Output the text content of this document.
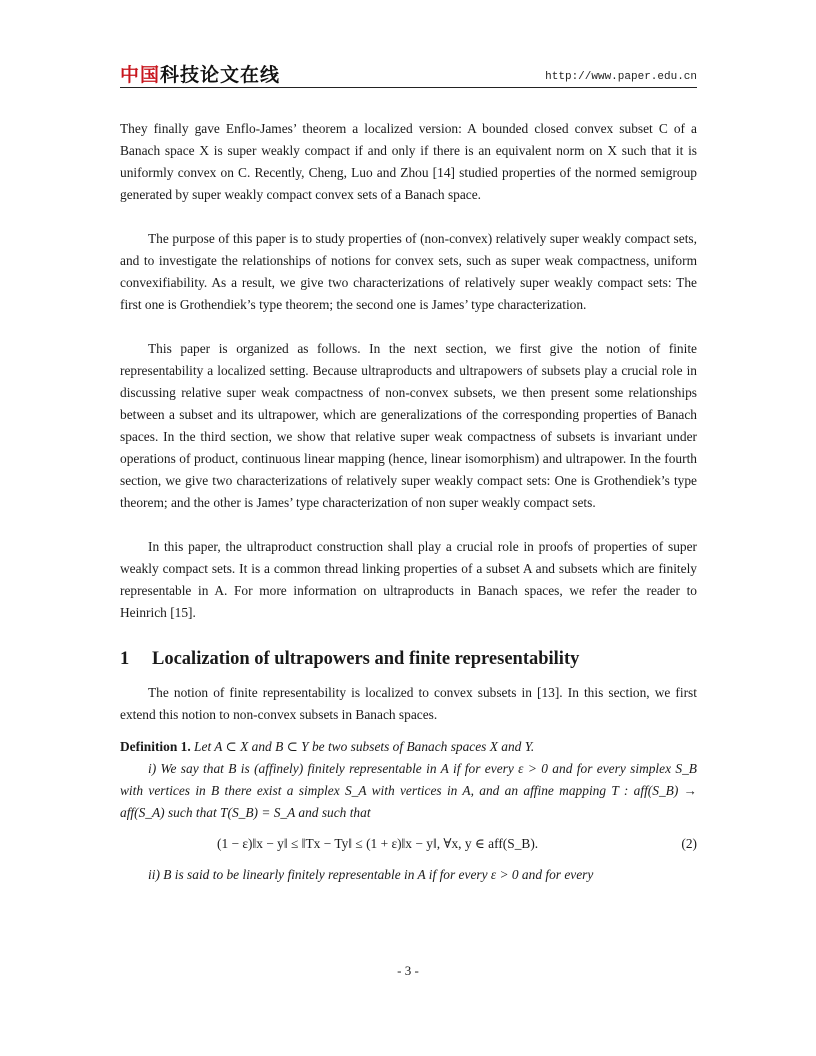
中国科技论文在线	http://www.paper.edu.cn

They finally gave Enflo-James’ theorem a localized version: A bounded closed convex subset C of a Banach space X is super weakly compact if and only if there is an equivalent norm on X such that it is uniformly convex on C. Recently, Cheng, Luo and Zhou [14] studied properties of the normed semigroup generated by super weakly compact convex sets of a Banach space.

The purpose of this paper is to study properties of (non-convex) relatively super weakly compact sets, and to investigate the relationships of notions for convex sets, such as super weak compactness, uniform convexifiability. As a result, we give two characterizations of relatively super weakly compact sets: The first one is Grothendiek’s type theorem; the second one is James’ type characterization.

This paper is organized as follows. In the next section, we first give the notion of finite representability a localized setting. Because ultraproducts and ultrapowers of subsets play a crucial role in discussing relative super weak compactness of non-convex subsets, we then present some relationships between a subset and its ultrapower, which are generalizations of the corresponding properties of Banach spaces. In the third section, we show that relative super weak compactness of subsets is invariant under operations of product, continuous linear mapping (hence, linear isomorphism) and ultrapower. In the fourth section, we give two characterizations of relatively super weakly compact sets: One is Grothendiek’s type theorem; and the other is James’ type characterization of non super weakly compact sets.

In this paper, the ultraproduct construction shall play a crucial role in proofs of properties of super weakly compact sets. It is a common thread linking properties of a subset A and subsets which are finitely representable in A. For more information on ultraproducts in Banach spaces, we refer the reader to Heinrich [15].

1 Localization of ultrapowers and finite representability

The notion of finite representability is localized to convex subsets in [13]. In this section, we first extend this notion to non-convex subsets in Banach spaces.

Definition 1. Let A ⊂ X and B ⊂ Y be two subsets of Banach spaces X and Y.

i) We say that B is (affinely) finitely representable in A if for every ε > 0 and for every simplex S_B with vertices in B there exist a simplex S_A with vertices in A, and an affine mapping T : aff(S_B) → aff(S_A) such that T(S_B) = S_A and such that

(1 − ε)‖x − y‖ ≤ ‖Tx − Ty‖ ≤ (1 + ε)‖x − y‖, ∀x, y ∈ aff(S_B).	(2)

ii) B is said to be linearly finitely representable in A if for every ε > 0 and for every

- 3 -
